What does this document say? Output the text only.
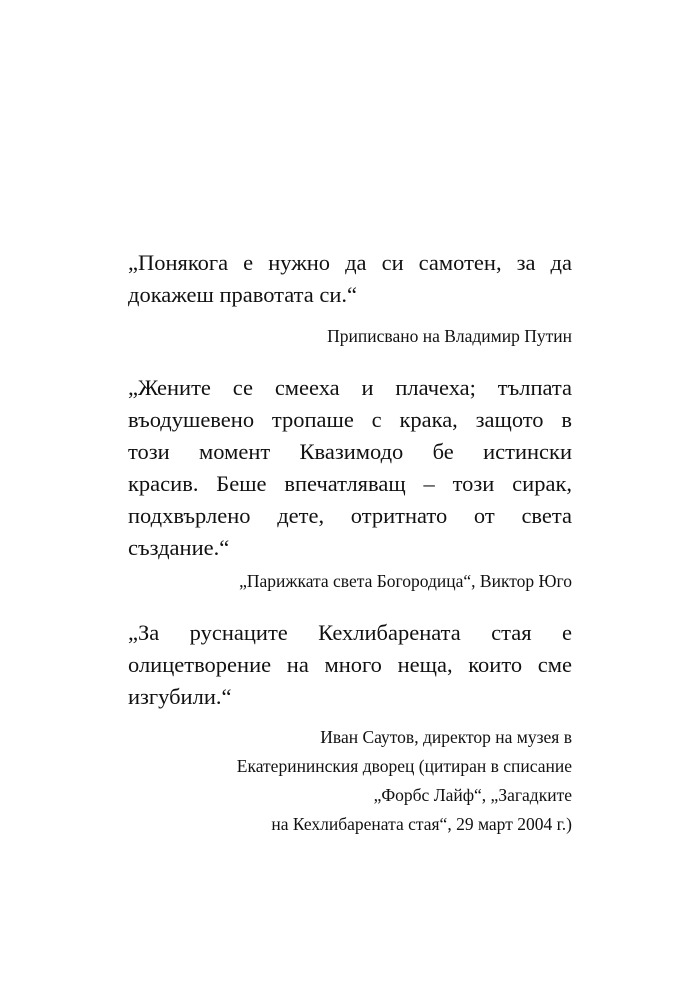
„Понякога е нужно да си самотен, за да
докажеш правотата си.“
Приписвано на Владимир Путин
„Жените се смееха и плачеха; тълпата
въодушевено тропаше с крака, защото в
този момент Квазимодо бе истински
красив. Беше впечатляващ – този сирак,
подхвърлено дете, отритнато от света
създание.“
„Парижката света Богородица“, Виктор Юго
„За руснаците Кехлибарената стая е
олицетворение на много неща, които сме
изгубили.“
Иван Саутов, директор на музея в
Екатерининския дворец (цитиран в списание
„Форбс Лайф“, „Загадките
на Кехлибарената стая“, 29 март 2004 г.)
